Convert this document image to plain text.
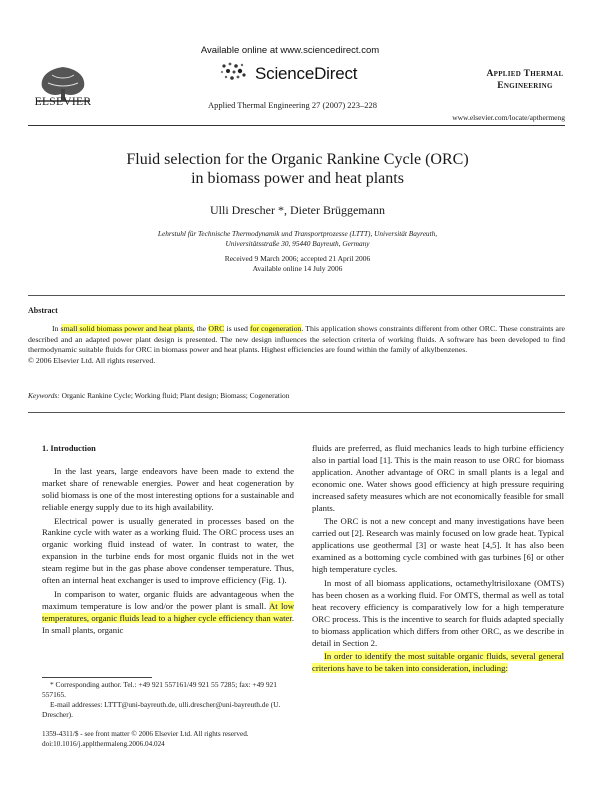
ELSEVIER
Available online at www.sciencedirect.com
ScienceDirect
Applied Thermal Engineering 27 (2007) 223–228
Applied Thermal
Engineering
www.elsevier.com/locate/apthermeng
Fluid selection for the Organic Rankine Cycle (ORC)
in biomass power and heat plants
Ulli Drescher *, Dieter Brüggemann
Lehrstuhl für Technische Thermodynamik und Transportprozesse (LTTT), Universität Bayreuth,
Universitätsstraße 30, 95440 Bayreuth, Germany
Received 9 March 2006; accepted 21 April 2006
Available online 14 July 2006
Abstract
In small solid biomass power and heat plants, the ORC is used for cogeneration. This application shows constraints different from other ORC. These constraints are described and an adapted power plant design is presented. The new design influences the selection criteria of working fluids. A software has been developed to find thermodynamic suitable fluids for ORC in biomass power and heat plants. Highest efficiencies are found within the family of alkylbenzenes.
© 2006 Elsevier Ltd. All rights reserved.
Keywords: Organic Rankine Cycle; Working fluid; Plant design; Biomass; Cogeneration
1. Introduction
In the last years, large endeavors have been made to extend the market share of renewable energies. Power and heat cogeneration by solid biomass is one of the most interesting options for a sustainable and reliable energy supply due to its high availability.
Electrical power is usually generated in processes based on the Rankine cycle with water as a working fluid. The ORC process uses an organic working fluid instead of water. In contrast to water, the expansion in the turbine ends for most organic fluids not in the wet steam regime but in the gas phase above condenser temperature. Thus, often an internal heat exchanger is used to improve efficiency (Fig. 1).
In comparison to water, organic fluids are advantageous when the maximum temperature is low and/or the power plant is small. At low temperatures, organic fluids lead to a higher cycle efficiency than water. In small plants, organic
fluids are preferred, as fluid mechanics leads to high turbine efficiency also in partial load [1]. This is the main reason to use ORC for biomass application. Another advantage of ORC in small plants is a legal and economic one. Water shows good efficiency at high pressure requiring increased safety measures which are not economically feasible for small plants.
The ORC is not a new concept and many investigations have been carried out [2]. Research was mainly focused on low grade heat. Typical applications use geothermal [3] or waste heat [4,5]. It has also been examined as a bottoming cycle combined with gas turbines [6] or other high temperature cycles.
In most of all biomass applications, octamethyltrisiloxane (OMTS) has been chosen as a working fluid. For OMTS, thermal as well as total heat recovery efficiency is comparatively low for a high temperature ORC process. This is the incentive to search for fluids adapted specially to biomass application which differs from other ORC, as we describe in detail in Section 2.
In order to identify the most suitable organic fluids, several general criterions have to be taken into consideration, including:
* Corresponding author. Tel.: +49 921 557161/49 921 55 7285; fax: +49 921 557165.
E-mail addresses: LTTT@uni-bayreuth.de, ulli.drescher@uni-bayreuth.de (U. Drescher).
1359-4311/$ - see front matter © 2006 Elsevier Ltd. All rights reserved.
doi:10.1016/j.applthermaleng.2006.04.024
